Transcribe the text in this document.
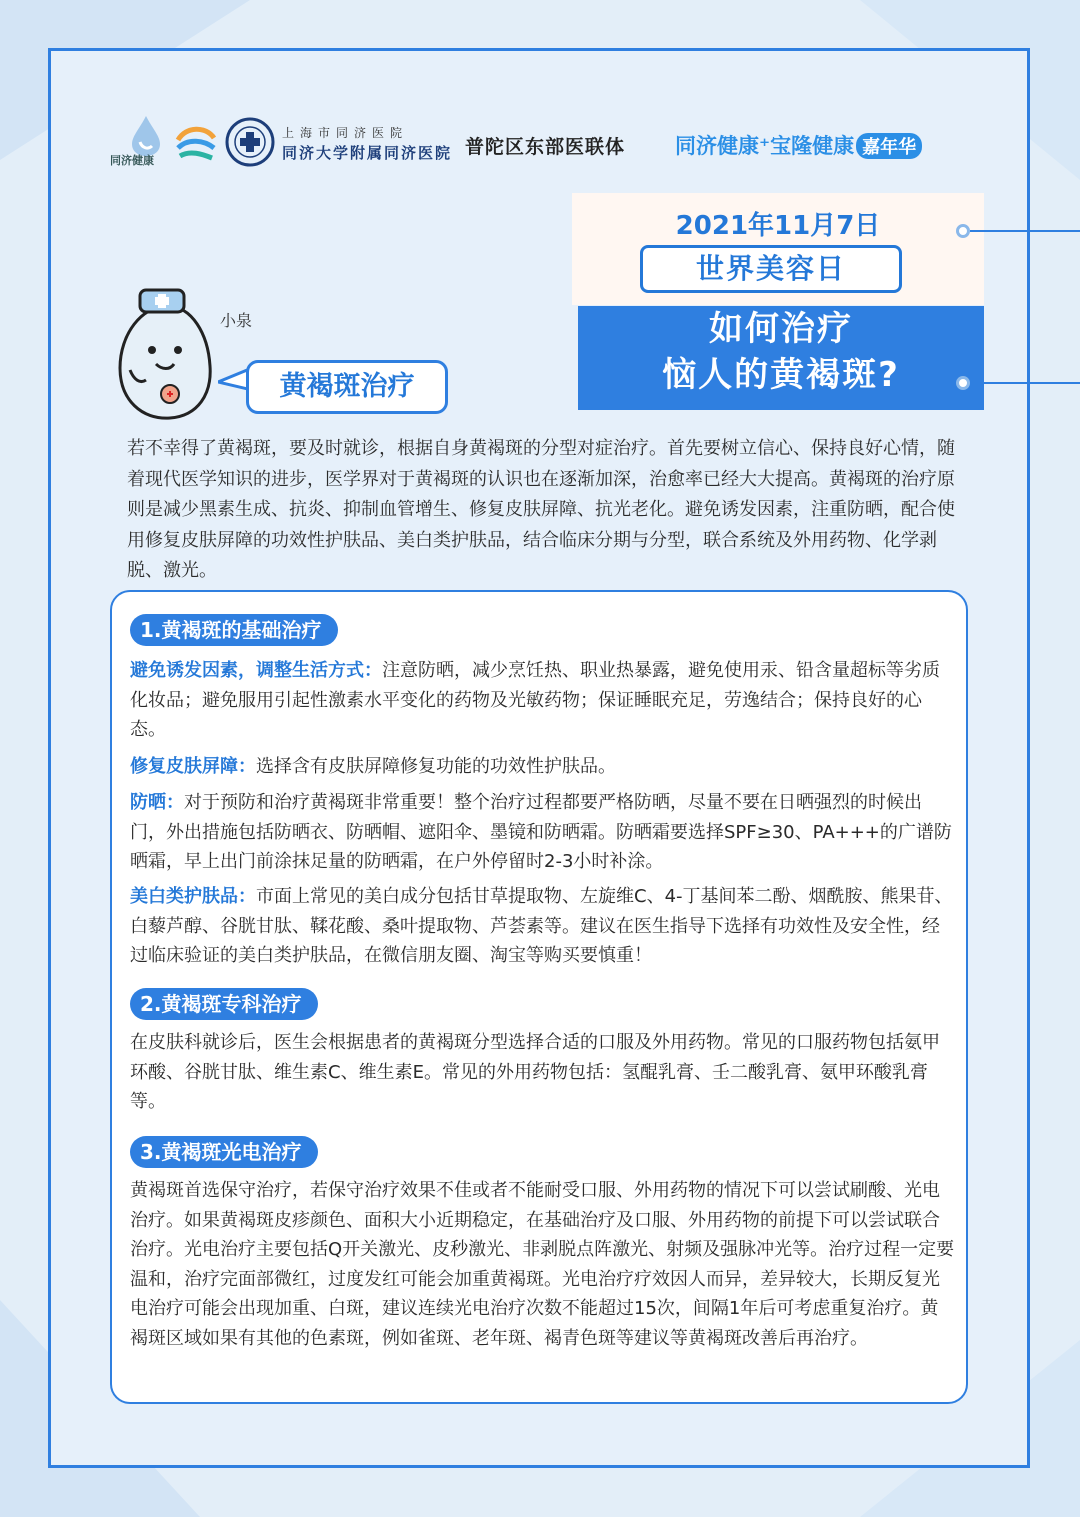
同济健康
上海市同济医院
同济大学附属同济医院 普陀区东部医联体 同济健康⁺宝隆健康 嘉年华
2021年11月7日
世界美容日
如何治疗
恼人的黄褐斑?
小泉
黄褐斑治疗
若不幸得了黄褐斑，要及时就诊，根据自身黄褐斑的分型对症治疗。首先要树立信心、保持良好心情，随着现代医学知识的进步，医学界对于黄褐斑的认识也在逐渐加深，治愈率已经大大提高。黄褐斑的治疗原则是减少黑素生成、抗炎、抑制血管增生、修复皮肤屏障、抗光老化。避免诱发因素，注重防晒，配合使用修复皮肤屏障的功效性护肤品、美白类护肤品，结合临床分期与分型，联合系统及外用药物、化学剥脱、激光。
1.黄褐斑的基础治疗
避免诱发因素，调整生活方式：注意防晒，减少烹饪热、职业热暴露，避免使用汞、铅含量超标等劣质化妆品；避免服用引起性激素水平变化的药物及光敏药物；保证睡眠充足，劳逸结合；保持良好的心态。
修复皮肤屏障：选择含有皮肤屏障修复功能的功效性护肤品。
防晒：对于预防和治疗黄褐斑非常重要！整个治疗过程都要严格防晒，尽量不要在日晒强烈的时候出门，外出措施包括防晒衣、防晒帽、遮阳伞、墨镜和防晒霜。防晒霜要选择SPF≥30、PA+++的广谱防晒霜，早上出门前涂抹足量的防晒霜，在户外停留时2-3小时补涂。
美白类护肤品：市面上常见的美白成分包括甘草提取物、左旋维C、4-丁基间苯二酚、烟酰胺、熊果苷、白藜芦醇、谷胱甘肽、鞣花酸、桑叶提取物、芦荟素等。建议在医生指导下选择有功效性及安全性，经过临床验证的美白类护肤品，在微信朋友圈、淘宝等购买要慎重！
2.黄褐斑专科治疗
在皮肤科就诊后，医生会根据患者的黄褐斑分型选择合适的口服及外用药物。常见的口服药物包括氨甲环酸、谷胱甘肽、维生素C、维生素E。常见的外用药物包括：氢醌乳膏、壬二酸乳膏、氨甲环酸乳膏等。
3.黄褐斑光电治疗
黄褐斑首选保守治疗，若保守治疗效果不佳或者不能耐受口服、外用药物的情况下可以尝试刷酸、光电治疗。如果黄褐斑皮疹颜色、面积大小近期稳定，在基础治疗及口服、外用药物的前提下可以尝试联合治疗。光电治疗主要包括Q开关激光、皮秒激光、非剥脱点阵激光、射频及强脉冲光等。治疗过程一定要温和，治疗完面部微红，过度发红可能会加重黄褐斑。光电治疗疗效因人而异，差异较大，长期反复光电治疗可能会出现加重、白斑，建议连续光电治疗次数不能超过15次，间隔1年后可考虑重复治疗。黄褐斑区域如果有其他的色素斑，例如雀斑、老年斑、褐青色斑等建议等黄褐斑改善后再治疗。
